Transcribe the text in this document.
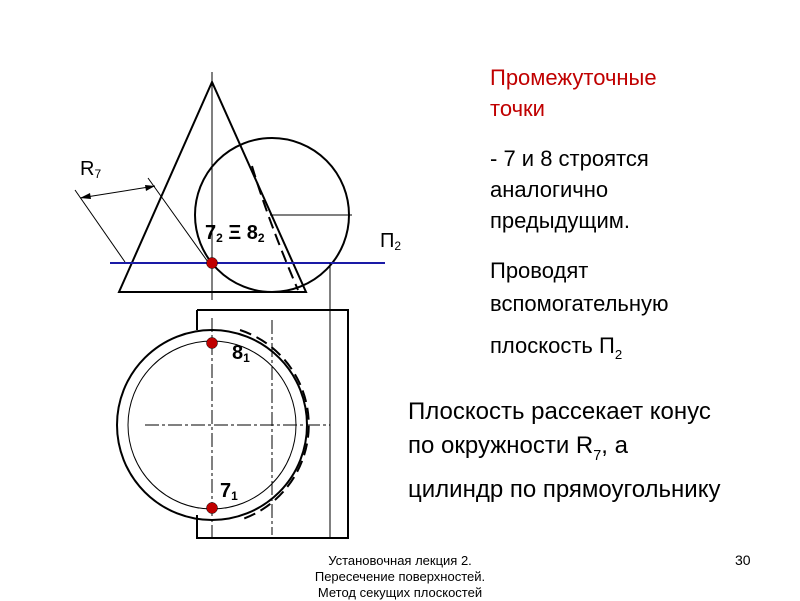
$R_7$
$7_2$ Ξ $8_2$	$П_2$
$8_1$
$7_1$
Промежуточные
точки
- 7 и 8 строятся
аналогично
предыдущим.
Проводят
вспомогательную
плоскость $П_2$
Плоскость рассекает конус
по окружности $R_7$, а
цилиндр по прямоугольнику
Установочная лекция 2.
Пересечение поверхностей.
Метод секущих плоскостей
30
